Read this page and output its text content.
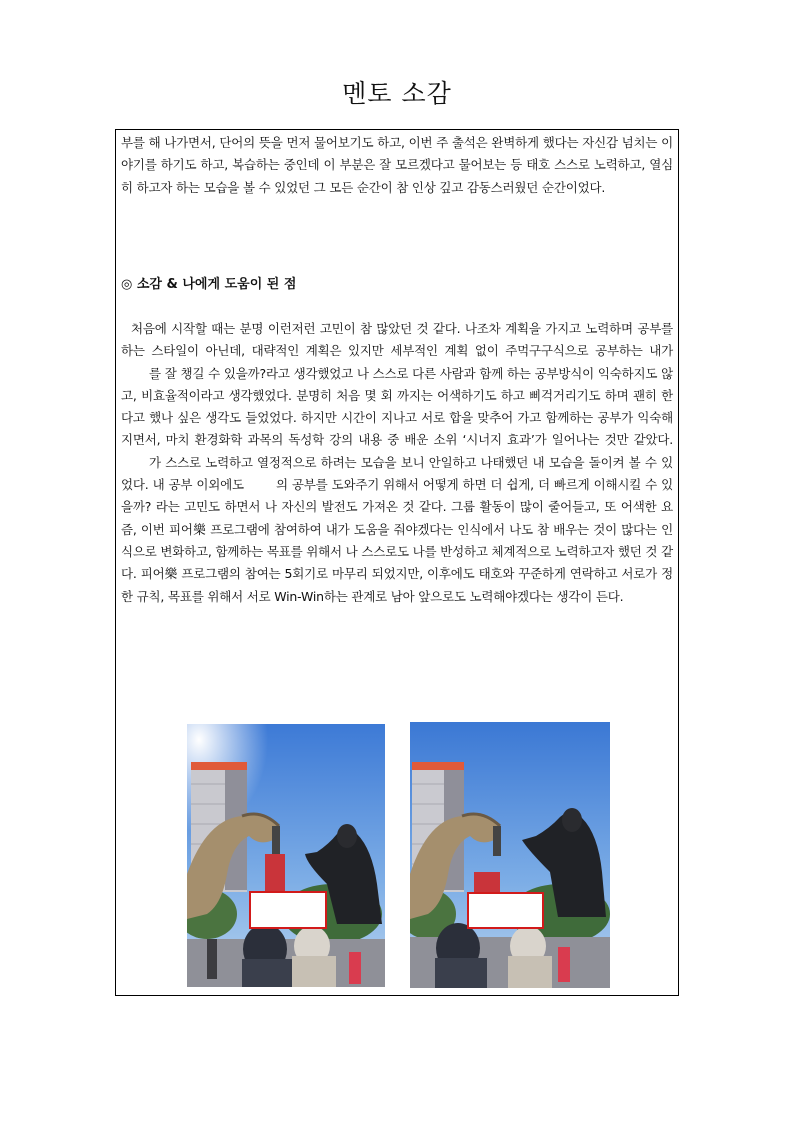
멘토 소감

부를 해 나가면서, 단어의 뜻을 먼저 물어보기도 하고, 이번 주 출석은 완벽하게 했다는 자신감 넘치는 이야기를 하기도 하고, 복습하는 중인데 이 부분은 잘 모르겠다고 물어보는 등 태호 스스로 노력하고, 열심히 하고자 하는 모습을 볼 수 있었던 그 모든 순간이 참 인상 깊고 감동스러웠던 순간이었다.

◎ 소감 & 나에게 도움이 된 점

처음에 시작할 때는 분명 이런저런 고민이 참 많았던 것 같다. 나조차 계획을 가지고 노력하며 공부를 하는 스타일이 아닌데, 대략적인 계획은 있지만 세부적인 계획 없이 주먹구구식으로 공부하는 내가 를 잘 챙길 수 있을까?라고 생각했었고 나 스스로 다른 사람과 함께 하는 공부방식이 익숙하지도 않고, 비효율적이라고 생각했었다. 분명히 처음 몇 회 까지는 어색하기도 하고 삐걱거리기도 하며 괜히 한다고 했나 싶은 생각도 들었었다. 하지만 시간이 지나고 서로 합을 맞추어 가고 함께하는 공부가 익숙해지면서, 마치 환경화학 과목의 독성학 강의 내용 중 배운 소위 ‘시너지 효과’가 일어나는 것만 같았다. 가 스스로 노력하고 열정적으로 하려는 모습을 보니 안일하고 나태했던 내 모습을 돌이켜 볼 수 있었다. 내 공부 이외에도 의 공부를 도와주기 위해서 어떻게 하면 더 쉽게, 더 빠르게 이해시킬 수 있을까? 라는 고민도 하면서 나 자신의 발전도 가져온 것 같다. 그룹 활동이 많이 줄어들고, 또 어색한 요즘, 이번 피어樂 프로그램에 참여하여 내가 도움을 줘야겠다는 인식에서 나도 참 배우는 것이 많다는 인식으로 변화하고, 함께하는 목표를 위해서 나 스스로도 나를 반성하고 체계적으로 노력하고자 했던 것 같다. 피어樂 프로그램의 참여는 5회기로 마무리 되었지만, 이후에도 태호와 꾸준하게 연락하고 서로가 정한 규칙, 목표를 위해서 서로 Win-Win하는 관계로 남아 앞으로도 노력해야겠다는 생각이 든다.
